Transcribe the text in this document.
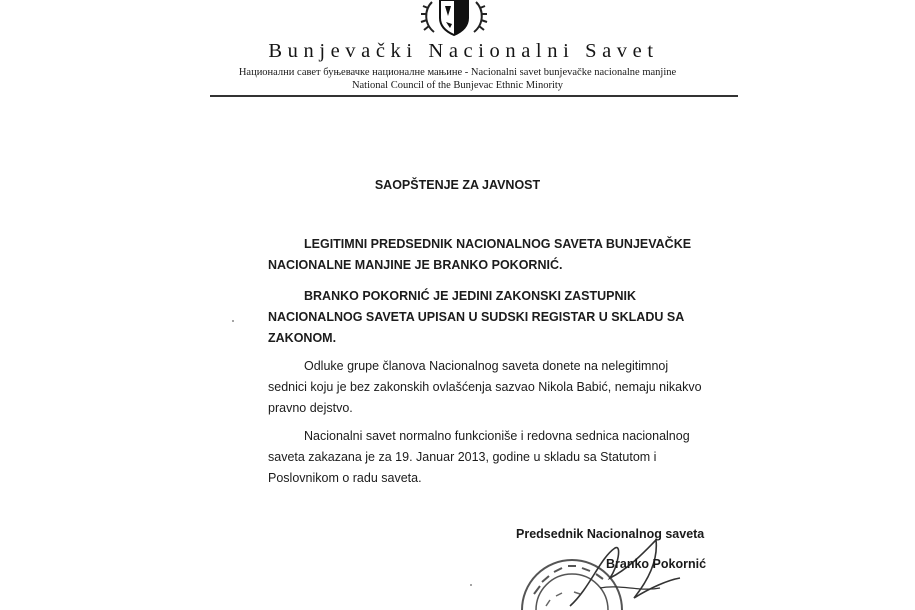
Bunjevački Nacionalni Savet
Национални савет буњевачке националне мањине - Nacionalni savet bunjevačke nacionalne manjine
National Council of the Bunjevac Ethnic Minority
SAOPŠTENJE ZA JAVNOST

LEGITIMNI PREDSEDNIK NACIONALNOG SAVETA BUNJEVAČKE NACIONALNE MANJINE JE BRANKO POKORNIĆ.

BRANKO POKORNIĆ JE JEDINI ZAKONSKI ZASTUPNIK NACIONALNOG SAVETA UPISAN U SUDSKI REGISTAR U SKLADU SA ZAKONOM.

Odluke grupe članova Nacionalnog saveta donete na nelegitimnoj sednici koju je bez zakonskih ovlašćenja sazvao Nikola Babić, nemaju nikakvo pravno dejstvo.

Nacionalni savet normalno funkcioniše i redovna sednica nacionalnog saveta zakazana je za 19. Januar 2013, godine u skladu sa Statutom i Poslovnikom o radu saveta.

Predsednik Nacionalnog saveta
Branko Pokornić
